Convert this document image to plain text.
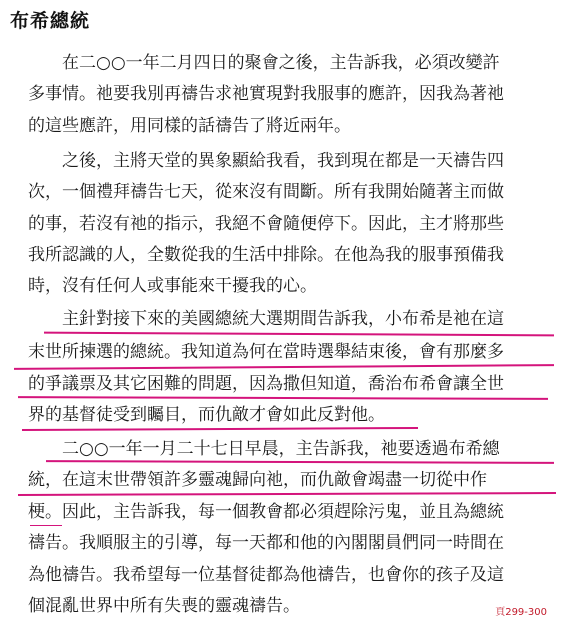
布希總統
在二○○一年二月四日的聚會之後，主告訴我，必須改變許
多事情。祂要我別再禱告求祂實現對我服事的應許，因我為著祂
的這些應許，用同樣的話禱告了將近兩年。
之後，主將天堂的異象顯給我看，我到現在都是一天禱告四
次，一個禮拜禱告七天，從來沒有間斷。所有我開始隨著主而做
的事，若沒有祂的指示，我絕不會隨便停下。因此，主才將那些
我所認識的人，全數從我的生活中排除。在他為我的服事預備我
時，沒有任何人或事能來干擾我的心。
主針對接下來的美國總統大選期間告訴我，小布希是祂在這
末世所揀選的總統。我知道為何在當時選舉結束後，會有那麼多
的爭議票及其它困難的問題，因為撒但知道，喬治布希會讓全世
界的基督徒受到矚目，而仇敵才會如此反對他。
二○○一年一月二十七日早晨，主告訴我，祂要透過布希總
統，在這末世帶領許多靈魂歸向祂，而仇敵會竭盡一切從中作
梗。因此，主告訴我，每一個教會都必須趕除污鬼，並且為總統
禱告。我順服主的引導，每一天都和他的內閣閣員們同一時間在
為他禱告。我希望每一位基督徒都為他禱告，也會你的孩子及這
個混亂世界中所有失喪的靈魂禱告。	頁299-300
